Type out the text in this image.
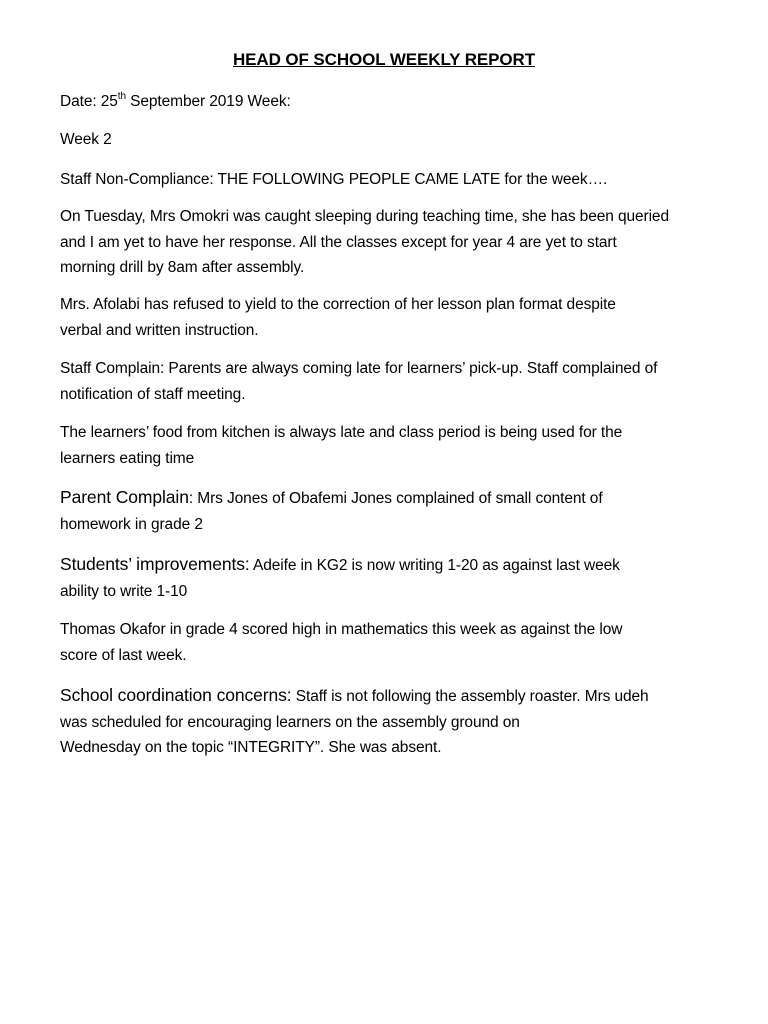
HEAD OF SCHOOL WEEKLY REPORT
Date: 25th September 2019 Week:
Week 2
Staff Non-Compliance: THE FOLLOWING PEOPLE CAME LATE for the week….
On Tuesday, Mrs Omokri was caught sleeping during teaching time, she has been queried
and I am yet to have her response. All the classes except for year 4 are yet to start
morning drill by 8am after assembly.
Mrs. Afolabi has refused to yield to the correction of her lesson plan format despite
verbal and written instruction.
Staff Complain: Parents are always coming late for learners’ pick-up. Staff complained of
notification of staff meeting.
The learners’ food from kitchen is always late and class period is being used for the
learners eating time
Parent Complain: Mrs Jones of Obafemi Jones complained of small content of
homework in grade 2
Students’ improvements: Adeife in KG2 is now writing 1-20 as against last week
ability to write 1-10
Thomas Okafor in grade 4 scored high in mathematics this week as against the low
score of last week.
School coordination concerns: Staff is not following the assembly roaster. Mrs udeh
was scheduled for encouraging learners on the assembly ground on
Wednesday on the topic “INTEGRITY”. She was absent.
